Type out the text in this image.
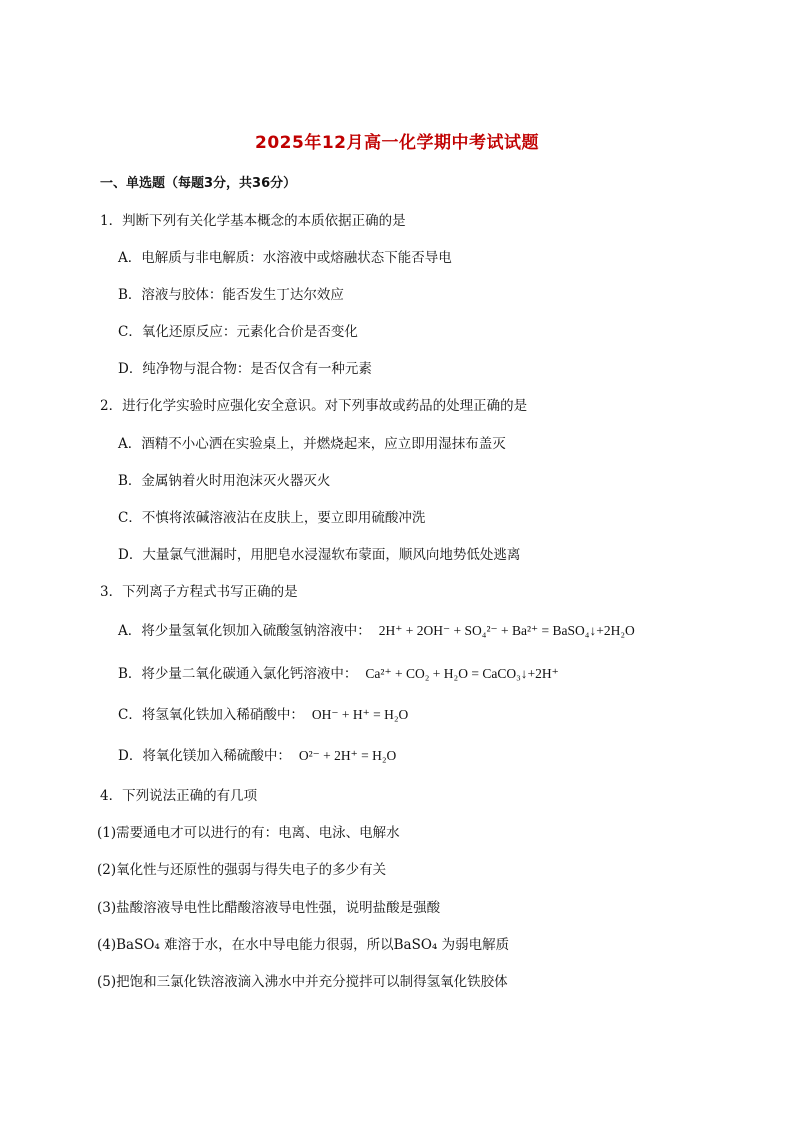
2025年12月高一化学期中考试试题
一、单选题（每题3分，共36分）
1．判断下列有关化学基本概念的本质依据正确的是
A．电解质与非电解质：水溶液中或熔融状态下能否导电
B．溶液与胶体：能否发生丁达尔效应
C．氧化还原反应：元素化合价是否变化
D．纯净物与混合物：是否仅含有一种元素
2．进行化学实验时应强化安全意识。对下列事故或药品的处理正确的是
A．酒精不小心洒在实验桌上，并燃烧起来，应立即用湿抹布盖灭
B．金属钠着火时用泡沫灭火器灭火
C．不慎将浓碱溶液沾在皮肤上，要立即用硫酸冲洗
D．大量氯气泄漏时，用肥皂水浸湿软布蒙面，顺风向地势低处逃离
3．下列离子方程式书写正确的是
A．将少量氢氧化钡加入硫酸氢钠溶液中： 2H⁺ + 2OH⁻ + SO₄²⁻ + Ba²⁺ = BaSO₄↓+2H₂O
B．将少量二氧化碳通入氯化钙溶液中： Ca²⁺ + CO₂ + H₂O = CaCO₃↓+2H⁺
C．将氢氧化铁加入稀硝酸中： OH⁻ + H⁺ = H₂O
D．将氧化镁加入稀硫酸中： O²⁻ + 2H⁺ = H₂O
4．下列说法正确的有几项
(1)需要通电才可以进行的有：电离、电泳、电解水
(2)氧化性与还原性的强弱与得失电子的多少有关
(3)盐酸溶液导电性比醋酸溶液导电性强，说明盐酸是强酸
(4)BaSO₄ 难溶于水，在水中导电能力很弱，所以BaSO₄ 为弱电解质
(5)把饱和三氯化铁溶液滴入沸水中并充分搅拌可以制得氢氧化铁胶体
